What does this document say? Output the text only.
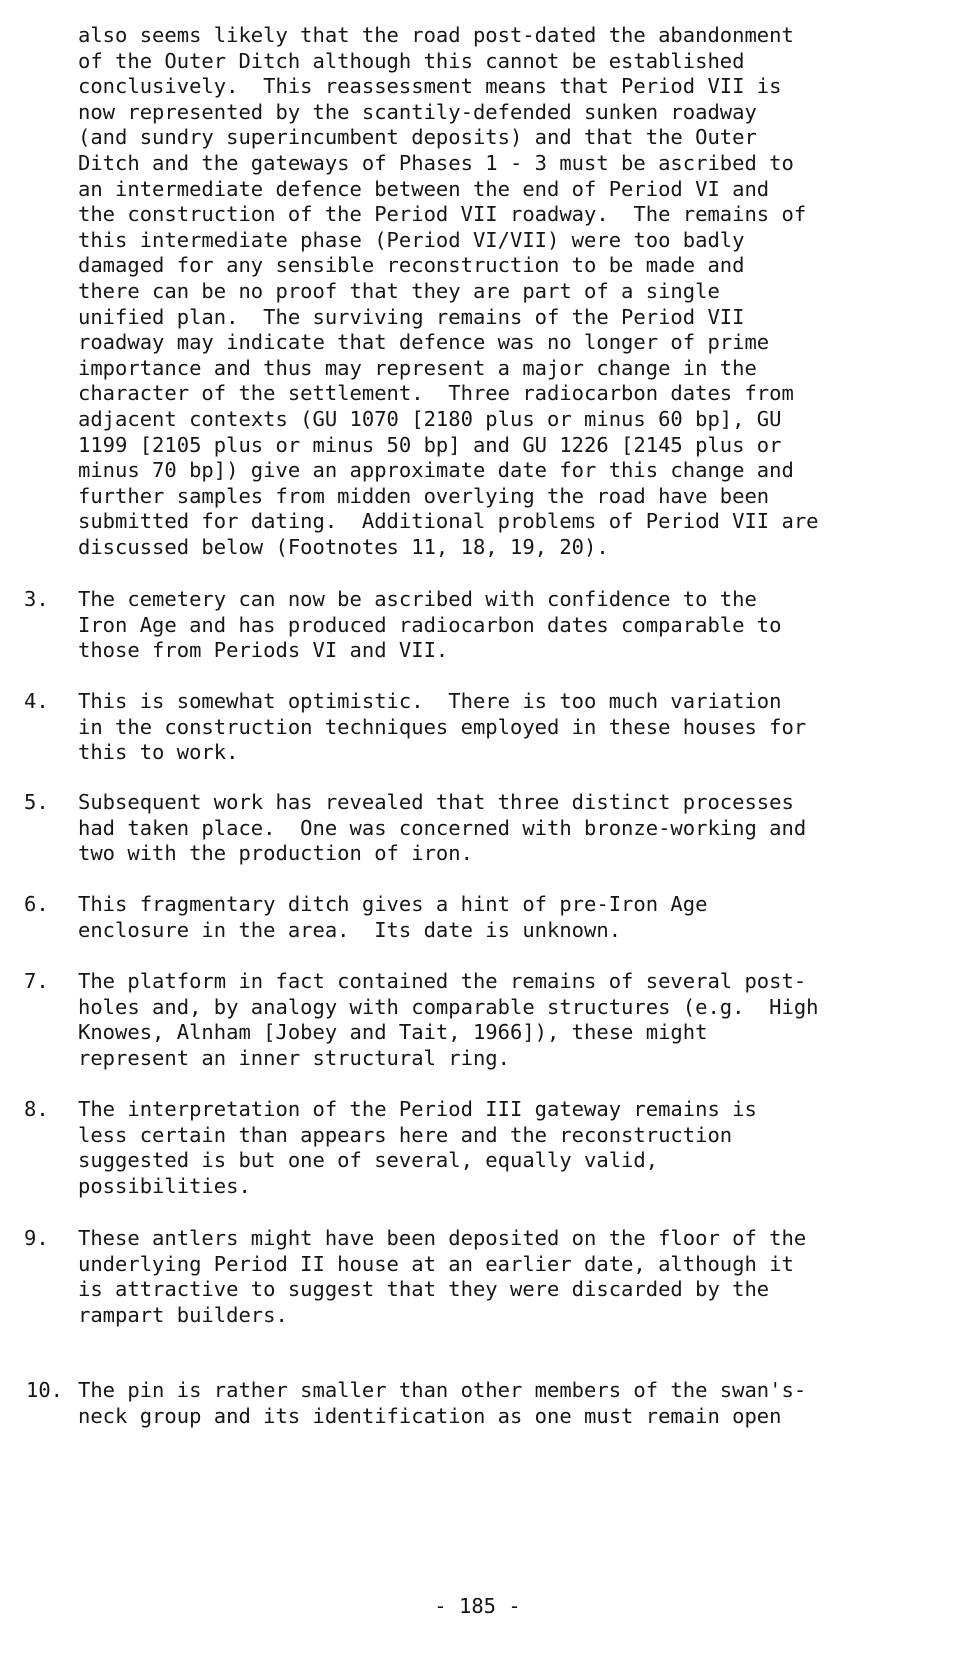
also seems likely that the road post-dated the abandonment
of the Outer Ditch although this cannot be established
conclusively.  This reassessment means that Period VII is
now represented by the scantily-defended sunken roadway
(and sundry superincumbent deposits) and that the Outer
Ditch and the gateways of Phases 1 - 3 must be ascribed to
an intermediate defence between the end of Period VI and
the construction of the Period VII roadway.  The remains of
this intermediate phase (Period VI/VII) were too badly
damaged for any sensible reconstruction to be made and
there can be no proof that they are part of a single
unified plan.  The surviving remains of the Period VII
roadway may indicate that defence was no longer of prime
importance and thus may represent a major change in the
character of the settlement.  Three radiocarbon dates from
adjacent contexts (GU 1070 [2180 plus or minus 60 bp], GU
1199 [2105 plus or minus 50 bp] and GU 1226 [2145 plus or
minus 70 bp]) give an approximate date for this change and
further samples from midden overlying the road have been
submitted for dating.  Additional problems of Period VII are
discussed below (Footnotes 11, 18, 19, 20).
3. The cemetery can now be ascribed with confidence to the
Iron Age and has produced radiocarbon dates comparable to
those from Periods VI and VII.
4. This is somewhat optimistic.  There is too much variation
in the construction techniques employed in these houses for
this to work.
5. Subsequent work has revealed that three distinct processes
had taken place.  One was concerned with bronze-working and
two with the production of iron.
6. This fragmentary ditch gives a hint of pre-Iron Age
enclosure in the area.  Its date is unknown.
7. The platform in fact contained the remains of several post-
holes and, by analogy with comparable structures (e.g.  High
Knowes, Alnham [Jobey and Tait, 1966]), these might
represent an inner structural ring.
8. The interpretation of the Period III gateway remains is
less certain than appears here and the reconstruction
suggested is but one of several, equally valid,
possibilities.
9. These antlers might have been deposited on the floor of the
underlying Period II house at an earlier date, although it
is attractive to suggest that they were discarded by the
rampart builders.
10. The pin is rather smaller than other members of the swan's-
neck group and its identification as one must remain open
- 185 -
